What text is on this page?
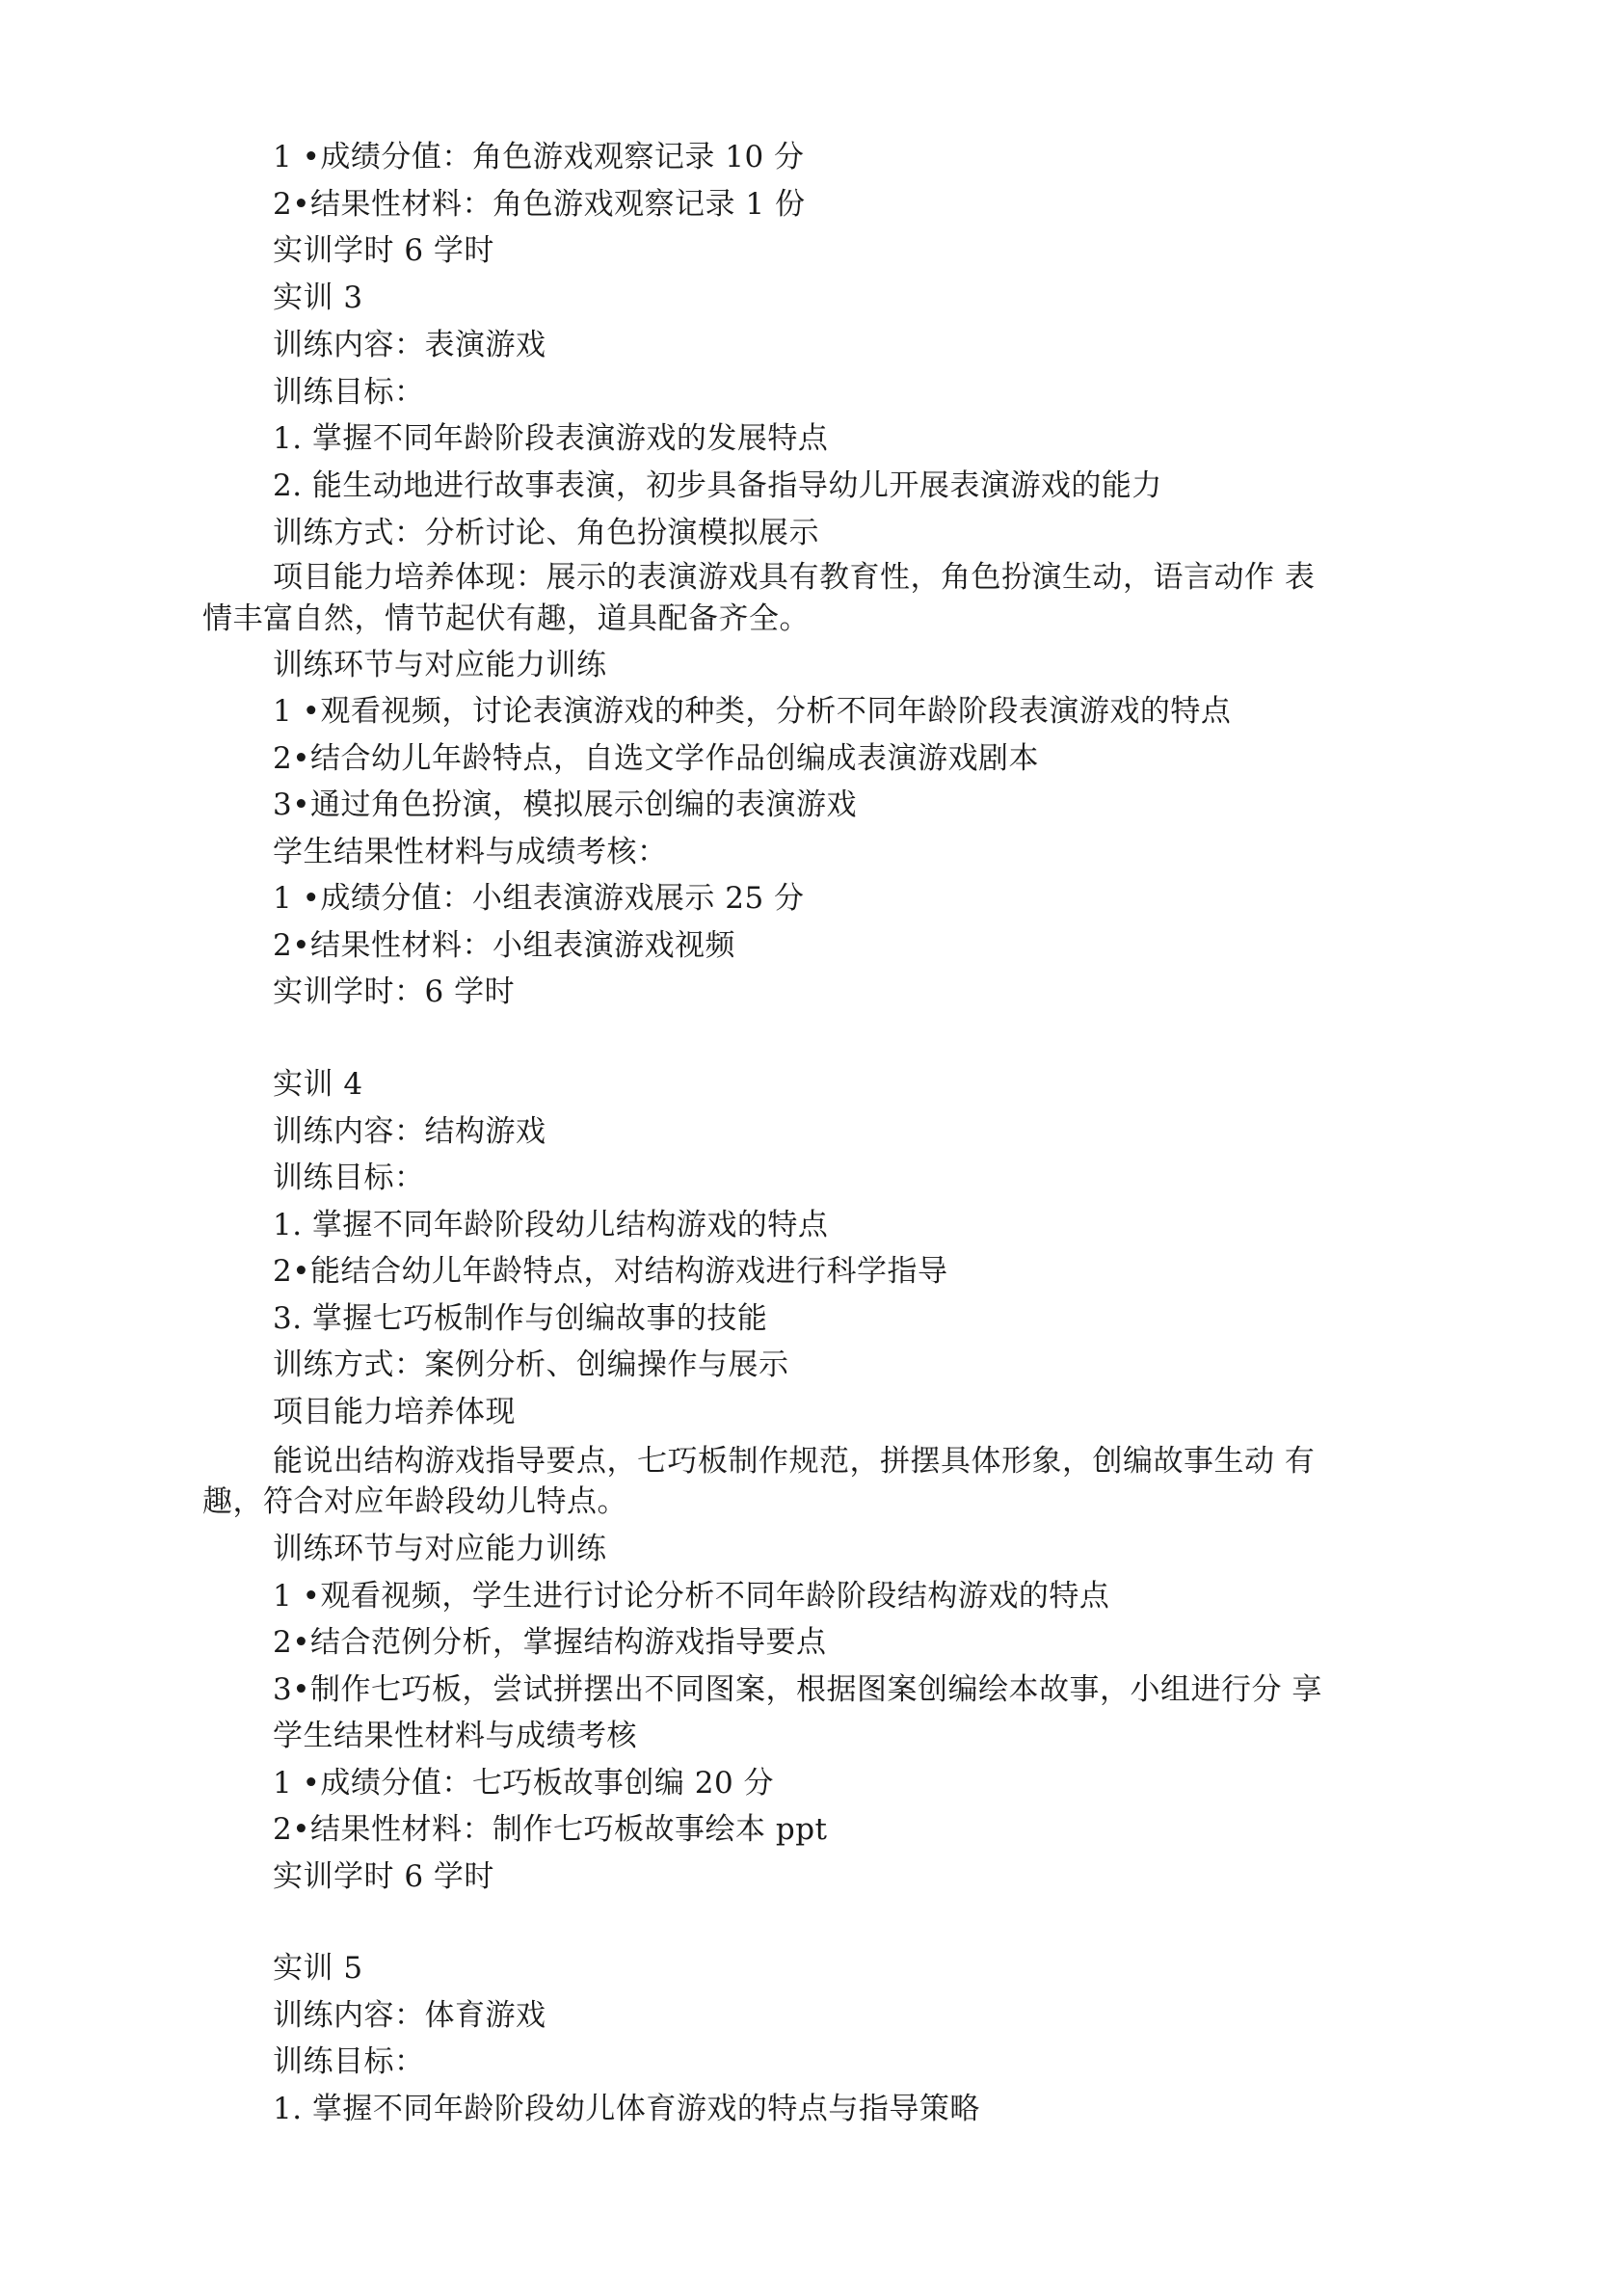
1 •成绩分值：角色游戏观察记录 10 分
2•结果性材料：角色游戏观察记录 1 份
实训学时 6 学时
实训 3
训练内容：表演游戏
训练目标：
1. 掌握不同年龄阶段表演游戏的发展特点
2. 能生动地进行故事表演，初步具备指导幼儿开展表演游戏的能力
训练方式：分析讨论、角色扮演模拟展示
项目能力培养体现：展示的表演游戏具有教育性，角色扮演生动，语言动作 表
情丰富自然，情节起伏有趣，道具配备齐全。
训练环节与对应能力训练
1 •观看视频，讨论表演游戏的种类，分析不同年龄阶段表演游戏的特点
2•结合幼儿年龄特点，自选文学作品创编成表演游戏剧本
3•通过角色扮演，模拟展示创编的表演游戏
学生结果性材料与成绩考核：
1 •成绩分值：小组表演游戏展示 25 分
2•结果性材料：小组表演游戏视频
实训学时：6 学时
实训 4
训练内容：结构游戏
训练目标：
1. 掌握不同年龄阶段幼儿结构游戏的特点
2•能结合幼儿年龄特点，对结构游戏进行科学指导
3. 掌握七巧板制作与创编故事的技能
训练方式：案例分析、创编操作与展示
项目能力培养体现
能说出结构游戏指导要点，七巧板制作规范，拼摆具体形象，创编故事生动 有
趣，符合对应年龄段幼儿特点。
训练环节与对应能力训练
1 •观看视频，学生进行讨论分析不同年龄阶段结构游戏的特点
2•结合范例分析，掌握结构游戏指导要点
3•制作七巧板，尝试拼摆出不同图案，根据图案创编绘本故事，小组进行分 享
学生结果性材料与成绩考核
1 •成绩分值：七巧板故事创编 20 分
2•结果性材料：制作七巧板故事绘本 ppt
实训学时 6 学时
实训 5
训练内容：体育游戏
训练目标：
1. 掌握不同年龄阶段幼儿体育游戏的特点与指导策略
